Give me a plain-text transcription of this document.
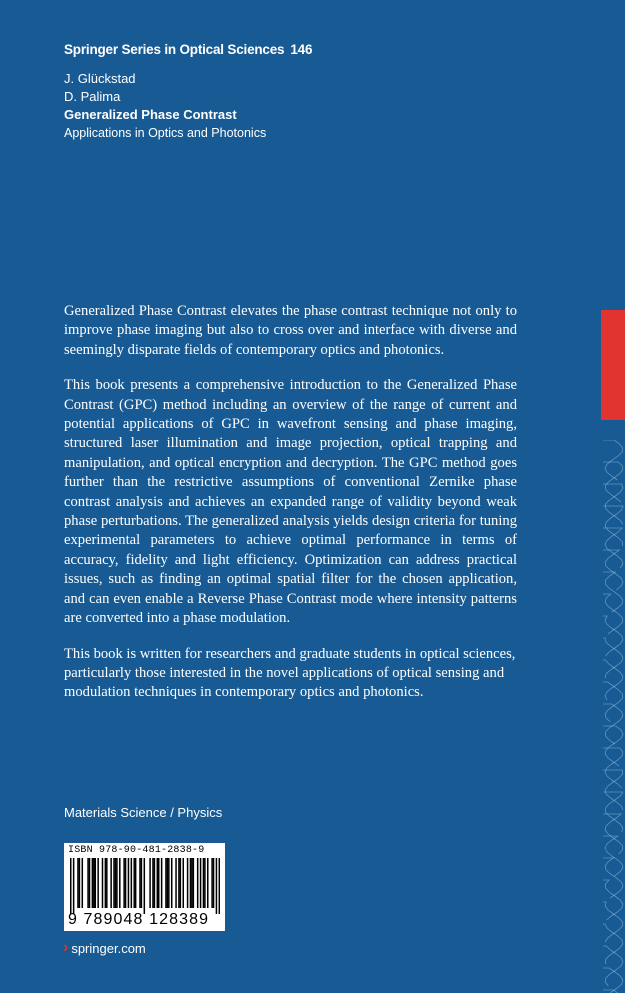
Springer Series in Optical Sciences 146
J. Glückstad
D. Palima
Generalized Phase Contrast
Applications in Optics and Photonics

Generalized Phase Contrast elevates the phase contrast technique not only to improve phase imaging but also to cross over and interface with diverse and seemingly disparate fields of contemporary optics and photonics.

This book presents a comprehensive introduction to the Generalized Phase Contrast (GPC) method including an overview of the range of current and potential applications of GPC in wavefront sensing and phase imaging, structured laser illumination and image projection, optical trapping and manipulation, and optical encryption and decryption. The GPC method goes further than the restrictive assumptions of conventional Zernike phase contrast analysis and achieves an expanded range of validity beyond weak phase perturbations. The generalized analysis yields design criteria for tuning experimental parameters to achieve optimal performance in terms of accuracy, fidelity and light efficiency. Optimization can address practical issues, such as finding an optimal spatial filter for the chosen application, and can even enable a Reverse Phase Contrast mode where intensity patterns are converted into a phase modulation.

This book is written for researchers and graduate students in optical sciences, particularly those interested in the novel applications of optical sensing and modulation techniques in contemporary optics and photonics.

Materials Science / Physics
ISBN 978-90-481-2838-9
9 789048 128389
› springer.com
